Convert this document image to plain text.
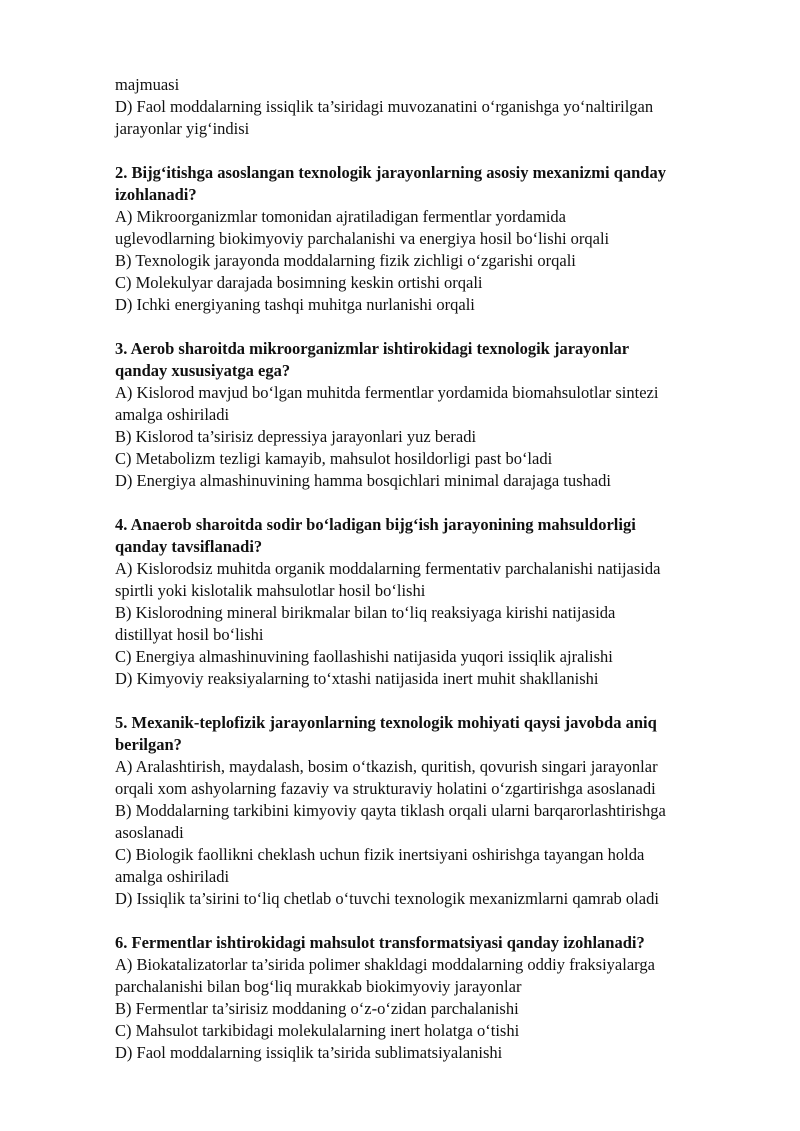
majmuasi
D) Faol moddalarning issiqlik ta’siridagi muvozanatini o‘rganishga yo‘naltirilgan
jarayonlar yig‘indisi
2. Bijg‘itishga asoslangan texnologik jarayonlarning asosiy mexanizmi qanday
izohlanadi?
A) Mikroorganizmlar tomonidan ajratiladigan fermentlar yordamida
uglevodlarning biokimyoviy parchalanishi va energiya hosil bo‘lishi orqali
B) Texnologik jarayonda moddalarning fizik zichligi o‘zgarishi orqali
C) Molekulyar darajada bosimning keskin ortishi orqali
D) Ichki energiyaning tashqi muhitga nurlanishi orqali
3. Aerob sharoitda mikroorganizmlar ishtirokidagi texnologik jarayonlar
qanday xususiyatga ega?
A) Kislorod mavjud bo‘lgan muhitda fermentlar yordamida biomahsulotlar sintezi
amalga oshiriladi
B) Kislorod ta’sirisiz depressiya jarayonlari yuz beradi
C) Metabolizm tezligi kamayib, mahsulot hosildorligi past bo‘ladi
D) Energiya almashinuvining hamma bosqichlari minimal darajaga tushadi
4. Anaerob sharoitda sodir bo‘ladigan bijg‘ish jarayonining mahsuldorligi
qanday tavsiflanadi?
A) Kislorodsiz muhitda organik moddalarning fermentativ parchalanishi natijasida
spirtli yoki kislotalik mahsulotlar hosil bo‘lishi
B) Kislorodning mineral birikmalar bilan to‘liq reaksiyaga kirishi natijasida
distillyat hosil bo‘lishi
C) Energiya almashinuvining faollashishi natijasida yuqori issiqlik ajralishi
D) Kimyoviy reaksiyalarning to‘xtashi natijasida inert muhit shakllanishi
5. Mexanik-teplofizik jarayonlarning texnologik mohiyati qaysi javobda aniq
berilgan?
A) Aralashtirish, maydalash, bosim o‘tkazish, quritish, qovurish singari jarayonlar
orqali xom ashyolarning fazaviy va strukturaviy holatini o‘zgartirishga asoslanadi
B) Moddalarning tarkibini kimyoviy qayta tiklash orqali ularni barqarorlashtirishga
asoslanadi
C) Biologik faollikni cheklash uchun fizik inertsiyani oshirishga tayangan holda
amalga oshiriladi
D) Issiqlik ta’sirini to‘liq chetlab o‘tuvchi texnologik mexanizmlarni qamrab oladi
6. Fermentlar ishtirokidagi mahsulot transformatsiyasi qanday izohlanadi?
A) Biokatalizatorlar ta’sirida polimer shakldagi moddalarning oddiy fraksiyalarga
parchalanishi bilan bog‘liq murakkab biokimyoviy jarayonlar
B) Fermentlar ta’sirisiz moddaning o‘z-o‘zidan parchalanishi
C) Mahsulot tarkibidagi molekulalarning inert holatga o‘tishi
D) Faol moddalarning issiqlik ta’sirida sublimatsiyalanishi
